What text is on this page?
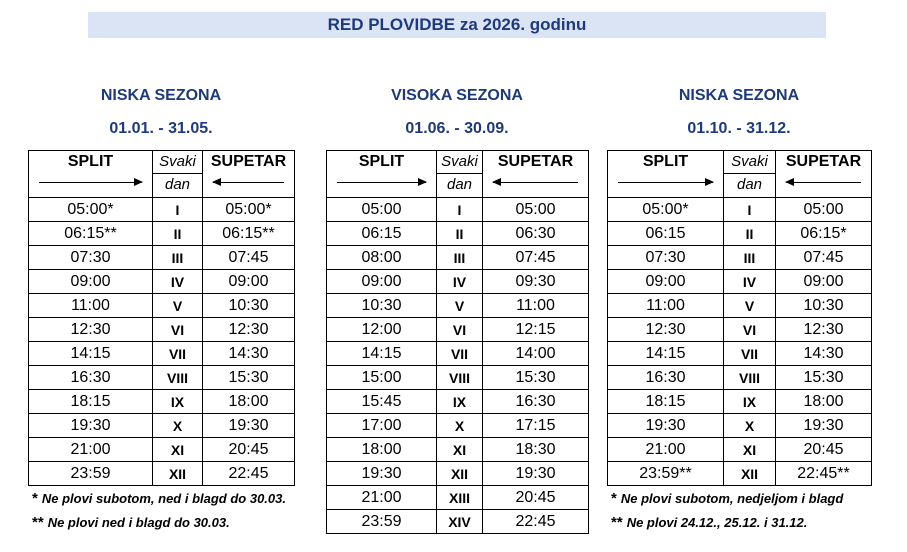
RED PLOVIDBE za 2026. godinu
NISKA SEZONA
01.01. - 31.05.
SPLIT	Svaki
dan	SUPETAR

05:00*	I	05:00*
06:15**	II	06:15**
07:30	III	07:45
09:00	IV	09:00
11:00	V	10:30
12:30	VI	12:30
14:15	VII	14:30
16:30	VIII	15:30
18:15	IX	18:00
19:30	X	19:30
21:00	XI	20:45
23:59	XII	22:45
* Ne plovi subotom, ned i blagd do 30.03.
** Ne plovi ned i blagd do 30.03.
VISOKA SEZONA
01.06. - 30.09.
SPLIT	Svaki
dan	SUPETAR

05:00	I	05:00
06:15	II	06:30
08:00	III	07:45
09:00	IV	09:30
10:30	V	11:00
12:00	VI	12:15
14:15	VII	14:00
15:00	VIII	15:30
15:45	IX	16:30
17:00	X	17:15
18:00	XI	18:30
19:30	XII	19:30
21:00	XIII	20:45
23:59	XIV	22:45
NISKA SEZONA
01.10. - 31.12.
SPLIT	Svaki
dan	SUPETAR

05:00*	I	05:00
06:15	II	06:15*
07:30	III	07:45
09:00	IV	09:00
11:00	V	10:30
12:30	VI	12:30
14:15	VII	14:30
16:30	VIII	15:30
18:15	IX	18:00
19:30	X	19:30
21:00	XI	20:45
23:59**	XII	22:45**
* Ne plovi subotom, nedjeljom i blagd
** Ne plovi 24.12., 25.12. i 31.12.
